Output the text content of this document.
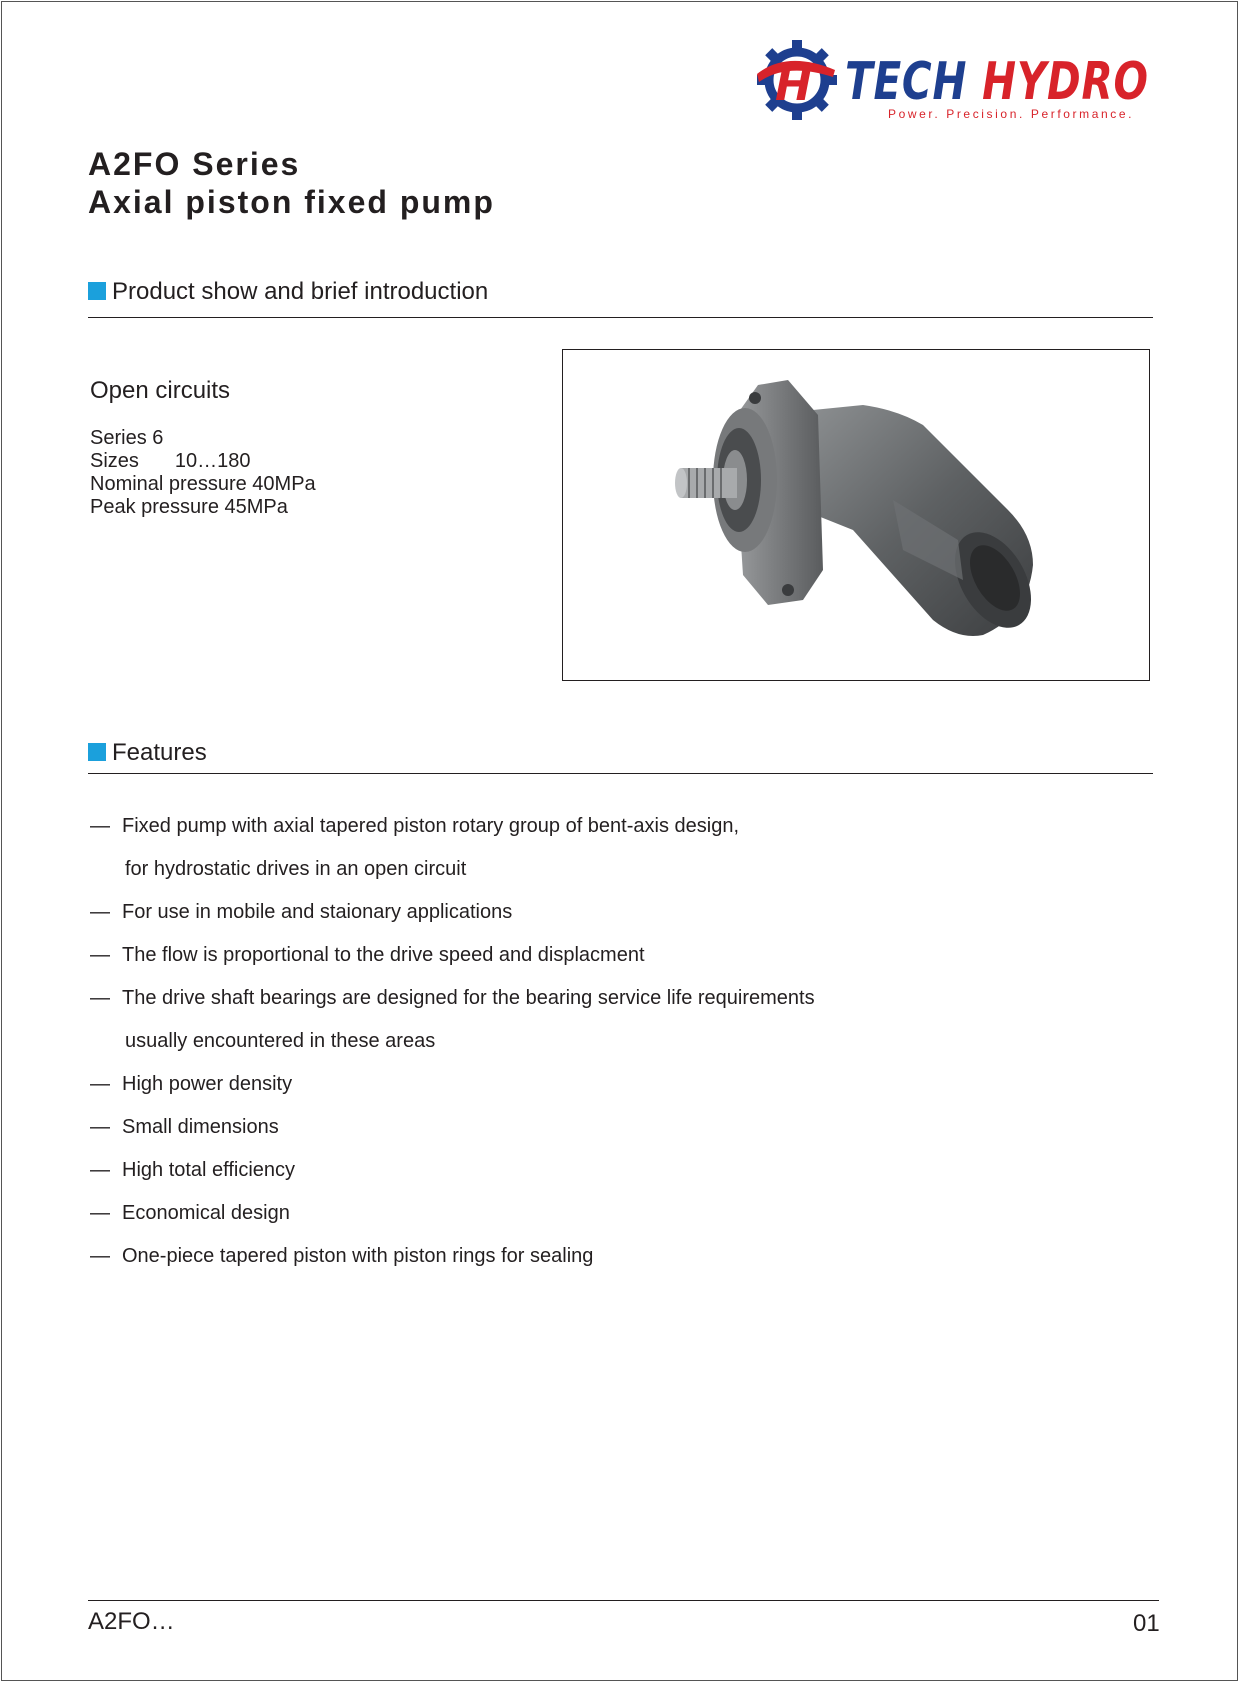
H TECH HYDRO
Power. Precision. Performance.
A2FO Series
Axial piston fixed pump
Product show and brief introduction
Open circuits
Series 6
Sizes 10…180
Nominal pressure 40MPa
Peak pressure 45MPa
Features
— Fixed pump with axial tapered piston rotary group of bent-axis design,
for hydrostatic drives in an open circuit
— For use in mobile and staionary applications
— The flow is proportional to the drive speed and displacment
— The drive shaft bearings are designed for the bearing service life requirements
usually encountered in these areas
— High power density
— Small dimensions
— High total efficiency
— Economical design
— One-piece tapered piston with piston rings for sealing
A2FO…	01
